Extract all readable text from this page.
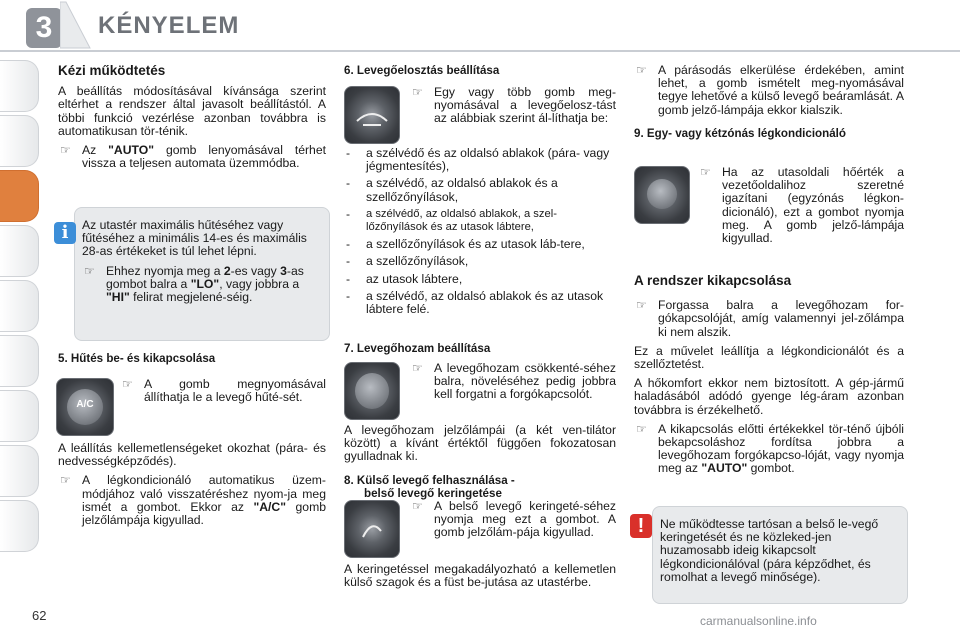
3	KÉNYELEM
Kézi működtetés

A beállítás módosításával kívánsága szerint eltérhet a rendszer által javasolt beállítástól. A többi funkció vezérlése azonban továbbra is automatikusan tör-ténik.

☞ Az "AUTO" gomb lenyomásával térhet vissza a teljesen automata üzemmódba.
i	Az utastér maximális hűtéséhez vagy fűtéséhez a minimális 14-es és maximális 28-as értékeket is túl lehet lépni.

☞ Ehhez nyomja meg a 2-es vagy 3-as gombot balra a "LO", vagy jobbra a "HI" felirat megjelené-séig.
5. Hűtés be- és kikapcsolása
A/C
☞ A gomb megnyomásával állíthatja le a levegő hűté-sét.

A leállítás kellemetlenségeket okozhat (pára- és nedvességképződés).

☞ A légkondicionáló automatikus üzem-módjához való visszatéréshez nyom-ja meg ismét a gombot. Ekkor az "A/C" gomb jelzőlámpája kigyullad.
6. Levegőelosztás beállítása
☞ Egy vagy több gomb meg-nyomásával a levegőelosz-tást az alábbiak szerint ál-líthatja be:
-	a szélvédő és az oldalsó ablakok (pára- vagy jégmentesítés),
-	a szélvédő, az oldalsó ablakok és a szellőzőnyílások,
-	a szélvédő, az oldalsó ablakok, a szel-lőzőnyílások és az utasok lábtere,
-	a szellőzőnyílások és az utasok láb-tere,
-	a szellőzőnyílások,
-	az utasok lábtere,
-	a szélvédő, az oldalsó ablakok és az utasok lábtere felé.
7. Levegőhozam beállítása
☞ A levegőhozam csökkenté-séhez balra, növeléséhez pedig jobbra kell forgatni a forgókapcsolót.

A levegőhozam jelzőlámpái (a két ven-tilátor között) a kívánt értéktől függően fokozatosan gyulladnak ki.

8. Külső levegő felhasználása -
belső levegő keringetése
☞ A belső levegő keringeté-séhez nyomja meg ezt a gombot. A gomb jelzőlám-pája kigyullad.

A keringetéssel megakadályozható a kellemetlen külső szagok és a füst be-jutása az utastérbe.

☞ A párásodás elkerülése érdekében, amint lehet, a gomb ismételt meg-nyomásával tegye lehetővé a külső levegő beáramlását. A gomb jelző-lámpája ekkor kialszik.
9. Egy- vagy kétzónás légkondicionáló
☞ Ha az utasoldali hőérték a vezetőoldalihoz szeretné igazítani (egyzónás légkon-dicionáló), ezt a gombot nyomja meg. A gomb jelző-lámpája kigyullad.
A rendszer kikapcsolása
☞ Forgassa balra a levegőhozam for-gókapcsolóját, amíg valamennyi jel-zőlámpa ki nem alszik.

Ez a művelet leállítja a légkondicionálót és a szellőztetést.

A hőkomfort ekkor nem biztosított. A gép-jármű haladásából adódó gyenge lég-áram azonban továbbra is érzékelhető.

☞ A kikapcsolás előtti értékekkel tör-ténő újbóli bekapcsoláshoz fordítsa jobbra a levegőhozam forgókapcso-lóját, vagy nyomja meg az "AUTO" gombot.
!	Ne működtesse tartósan a belső le-vegő keringetését és ne közleked-jen huzamosabb ideig kikapcsolt légkondicionálóval (pára képződhet, és romolhat a levegő minősége).

62	carmanualsonline.info
